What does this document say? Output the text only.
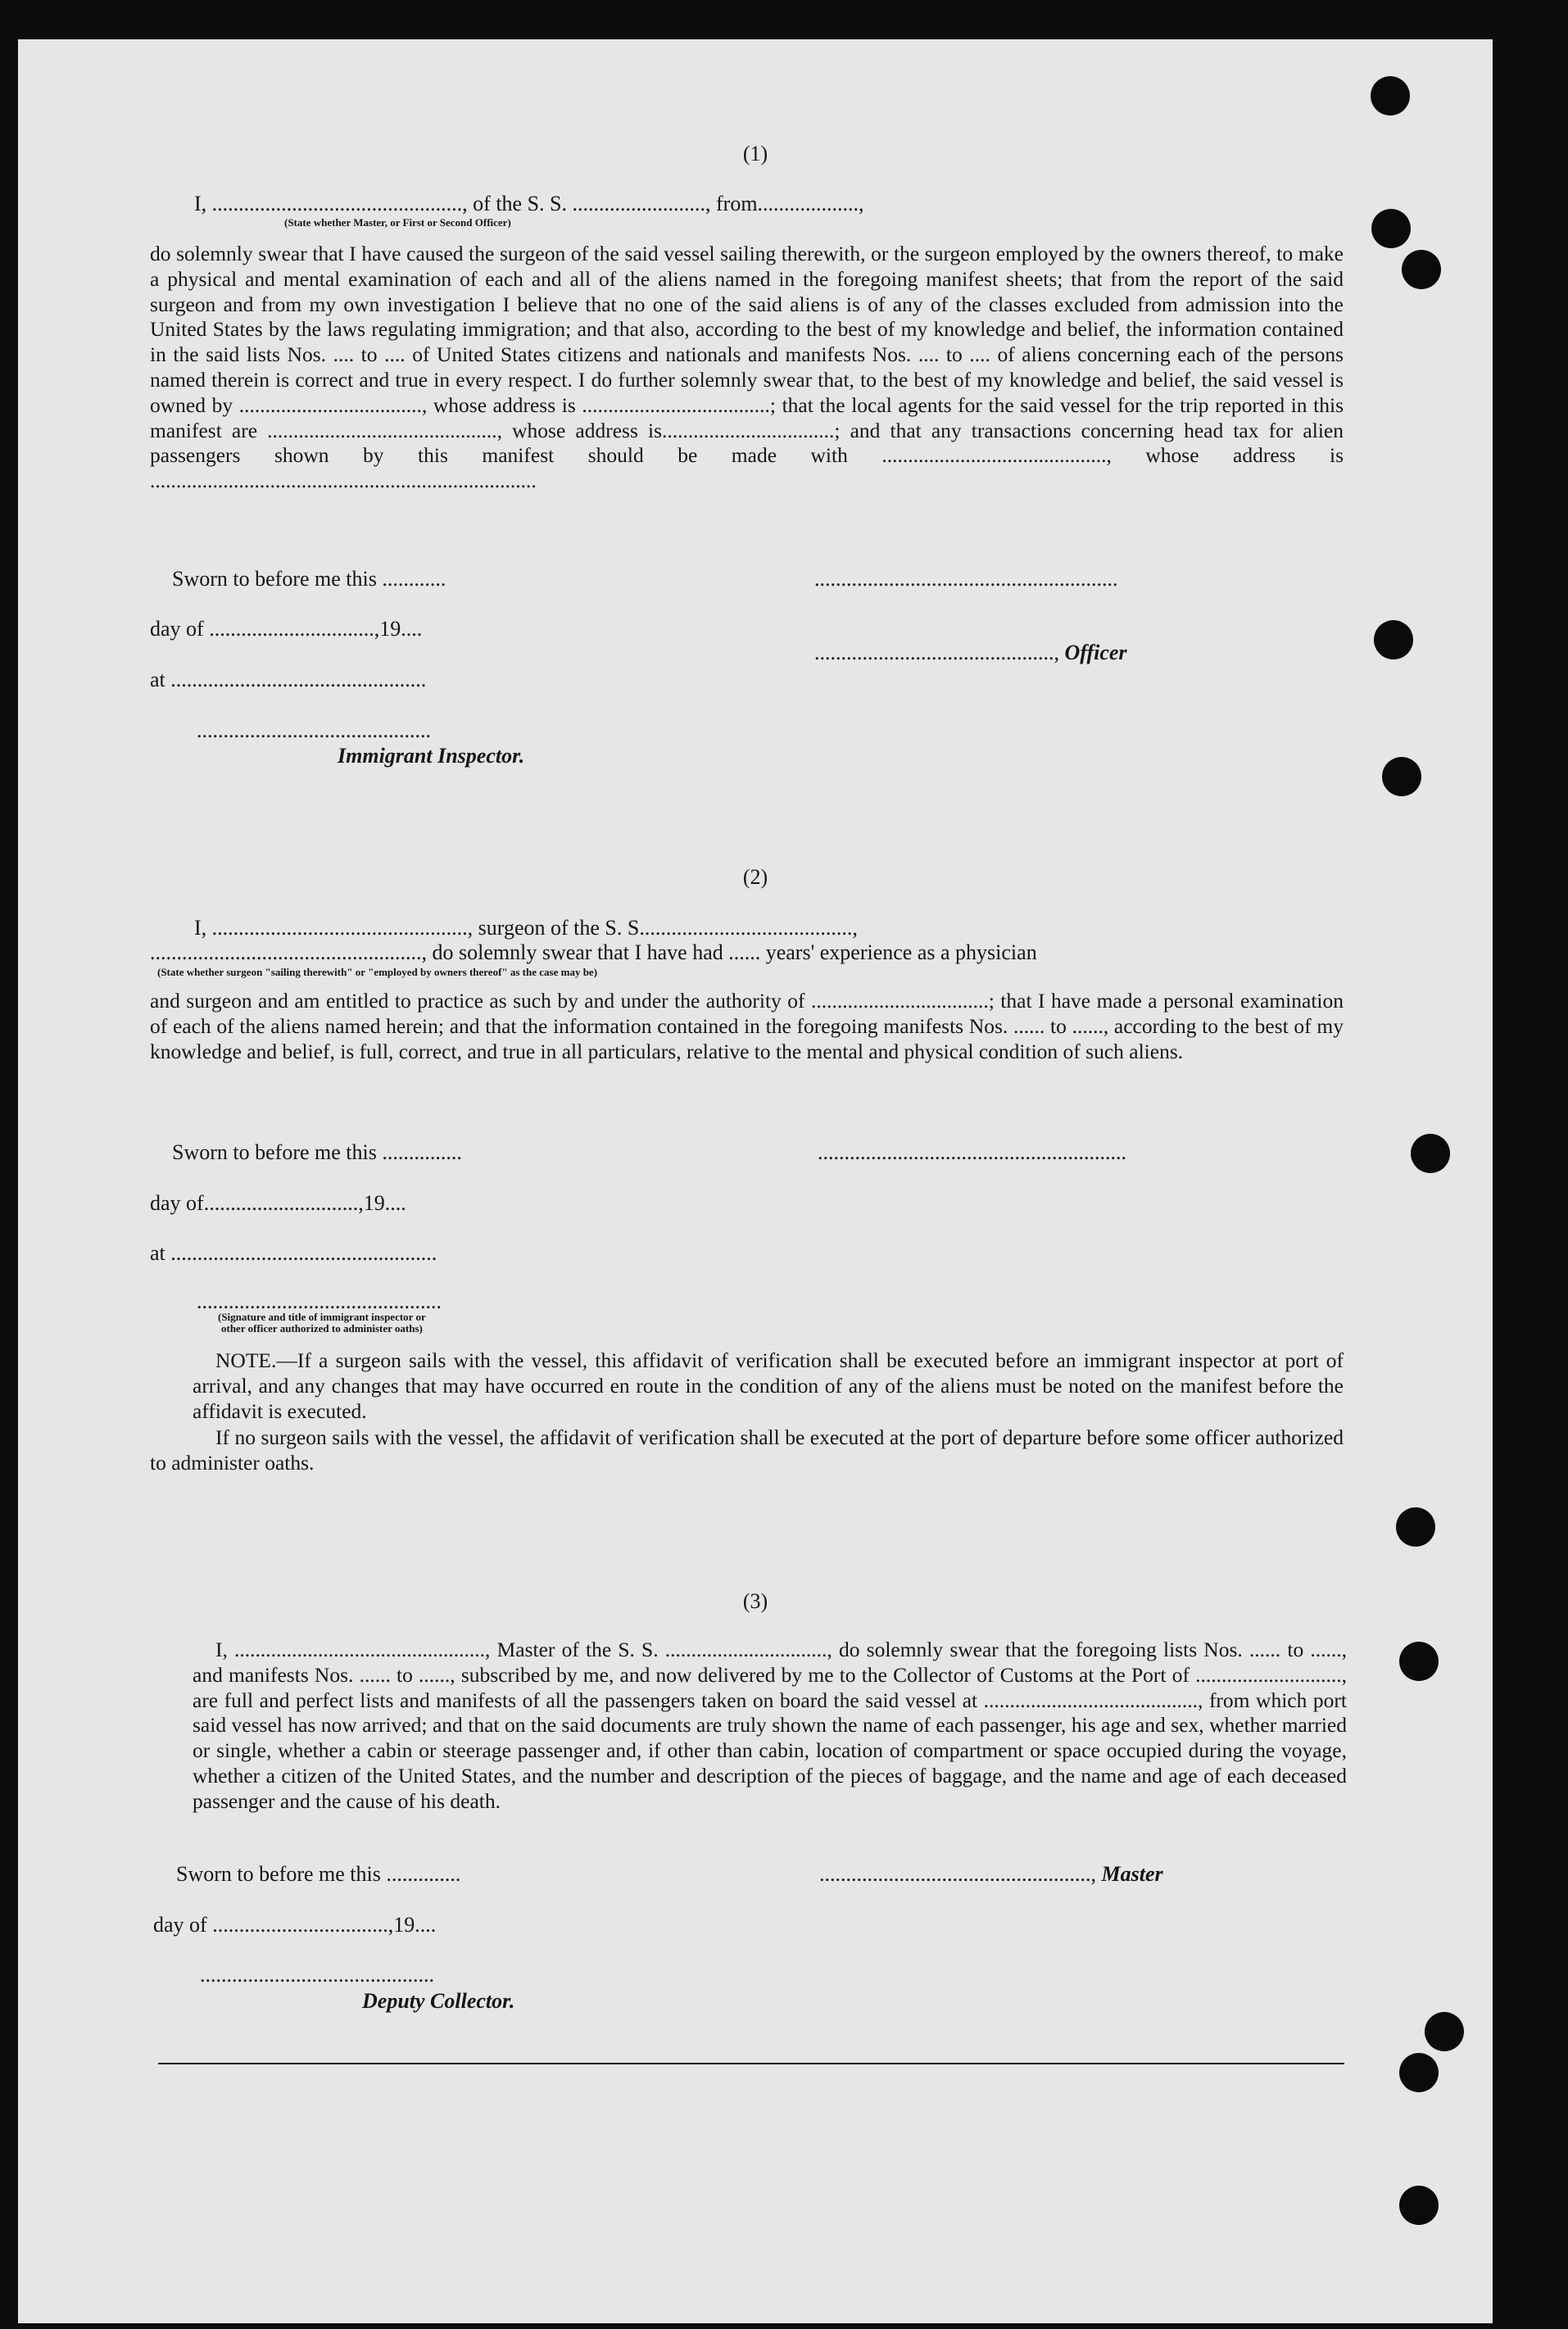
(1)
I, ..............................................., of the S. S. ........................., from...................,
(State whether Master, or First or Second Officer)
do solemnly swear that I have caused the surgeon of the said vessel sailing therewith, or the surgeon employed by the owners thereof, to make a physical and mental examination of each and all of the aliens named in the foregoing manifest sheets; that from the report of the said surgeon and from my own investigation I believe that no one of the said aliens is of any of the classes excluded from admission into the United States by the laws regulating immigration; and that also, according to the best of my knowledge and belief, the information contained in the said lists Nos. .... to .... of United States citizens and nationals and manifests Nos. .... to .... of aliens concerning each of the persons named therein is correct and true in every respect. I do further solemnly swear that, to the best of my knowledge and belief, the said vessel is owned by ..................................., whose address is ....................................; that the local agents for the said vessel for the trip reported in this manifest are ............................................, whose address is.................................; and that any transactions concerning head tax for alien passengers shown by this manifest should be made with ..........................................., whose address is ..........................................................................
Sworn to before me this ............	.........................................................
day of ...............................,19....
............................................., Officer
at ................................................
............................................
Immigrant Inspector.
(2)
I, ................................................, surgeon of the S. S........................................,
..................................................., do solemnly swear that I have had ...... years' experience as a physician
(State whether surgeon "sailing therewith" or "employed by owners thereof" as the case may be)
and surgeon and am entitled to practice as such by and under the authority of ..................................; that I have made a personal examination of each of the aliens named herein; and that the information contained in the foregoing manifests Nos. ...... to ......, according to the best of my knowledge and belief, is full, correct, and true in all particulars, relative to the mental and physical condition of such aliens.
Sworn to before me this ...............	..........................................................
day of.............................,19....
at ..................................................
..............................................
(Signature and title of immigrant inspector or
other officer authorized to administer oaths)
NOTE.—If a surgeon sails with the vessel, this affidavit of verification shall be executed before an immigrant inspector at port of arrival, and any changes that may have occurred en route in the condition of any of the aliens must be noted on the manifest before the affidavit is executed.
If no surgeon sails with the vessel, the affidavit of verification shall be executed at the port of departure before some officer authorized to administer oaths.
(3)
I, ................................................, Master of the S. S. ..............................., do solemnly swear that the foregoing lists Nos. ...... to ......, and manifests Nos. ...... to ......, subscribed by me, and now delivered by me to the Collector of Customs at the Port of ............................, are full and perfect lists and manifests of all the passengers taken on board the said vessel at ........................................., from which port said vessel has now arrived; and that on the said documents are truly shown the name of each passenger, his age and sex, whether married or single, whether a cabin or steerage passenger and, if other than cabin, location of compartment or space occupied during the voyage, whether a citizen of the United States, and the number and description of the pieces of baggage, and the name and age of each deceased passenger and the cause of his death.
Sworn to before me this ..............	..................................................., Master
day of .................................,19....
............................................
Deputy Collector.
